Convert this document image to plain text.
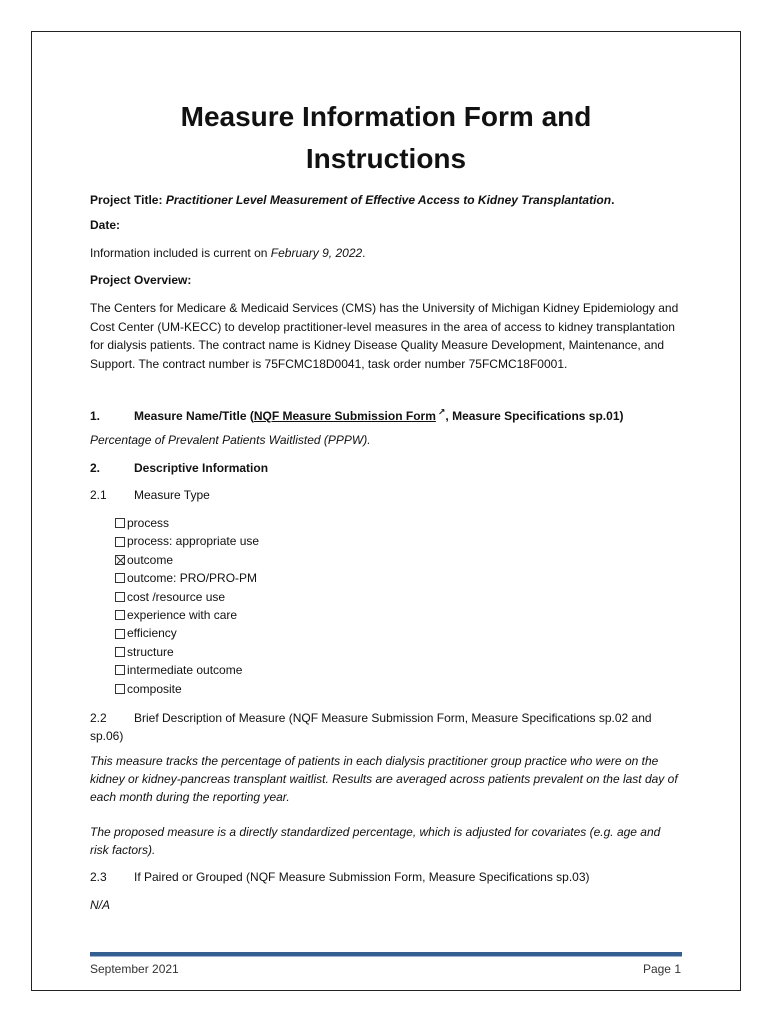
Measure Information Form and
Instructions
Project Title: Practitioner Level Measurement of Effective Access to Kidney Transplantation.
Date:
Information included is current on February 9, 2022.
Project Overview:
The Centers for Medicare & Medicaid Services (CMS) has the University of Michigan Kidney Epidemiology and Cost Center (UM-KECC) to develop practitioner-level measures in the area of access to kidney transplantation for dialysis patients. The contract name is Kidney Disease Quality Measure Development, Maintenance, and Support. The contract number is 75FCMC18D0041, task order number 75FCMC18F0001.
1.	Measure Name/Title (NQF Measure Submission Form ↗, Measure Specifications sp.01)
Percentage of Prevalent Patients Waitlisted (PPPW).
2.	Descriptive Information
2.1 Measure Type
process
process: appropriate use
outcome
outcome: PRO/PRO-PM
cost /resource use
experience with care
efficiency
structure
intermediate outcome
composite
2.2 Brief Description of Measure (NQF Measure Submission Form, Measure Specifications sp.02 and sp.06)
This measure tracks the percentage of patients in each dialysis practitioner group practice who were on the kidney or kidney-pancreas transplant waitlist. Results are averaged across patients prevalent on the last day of each month during the reporting year.
The proposed measure is a directly standardized percentage, which is adjusted for covariates (e.g. age and risk factors).
2.3 If Paired or Grouped (NQF Measure Submission Form, Measure Specifications sp.03)
N/A
September 2021	Page 1
